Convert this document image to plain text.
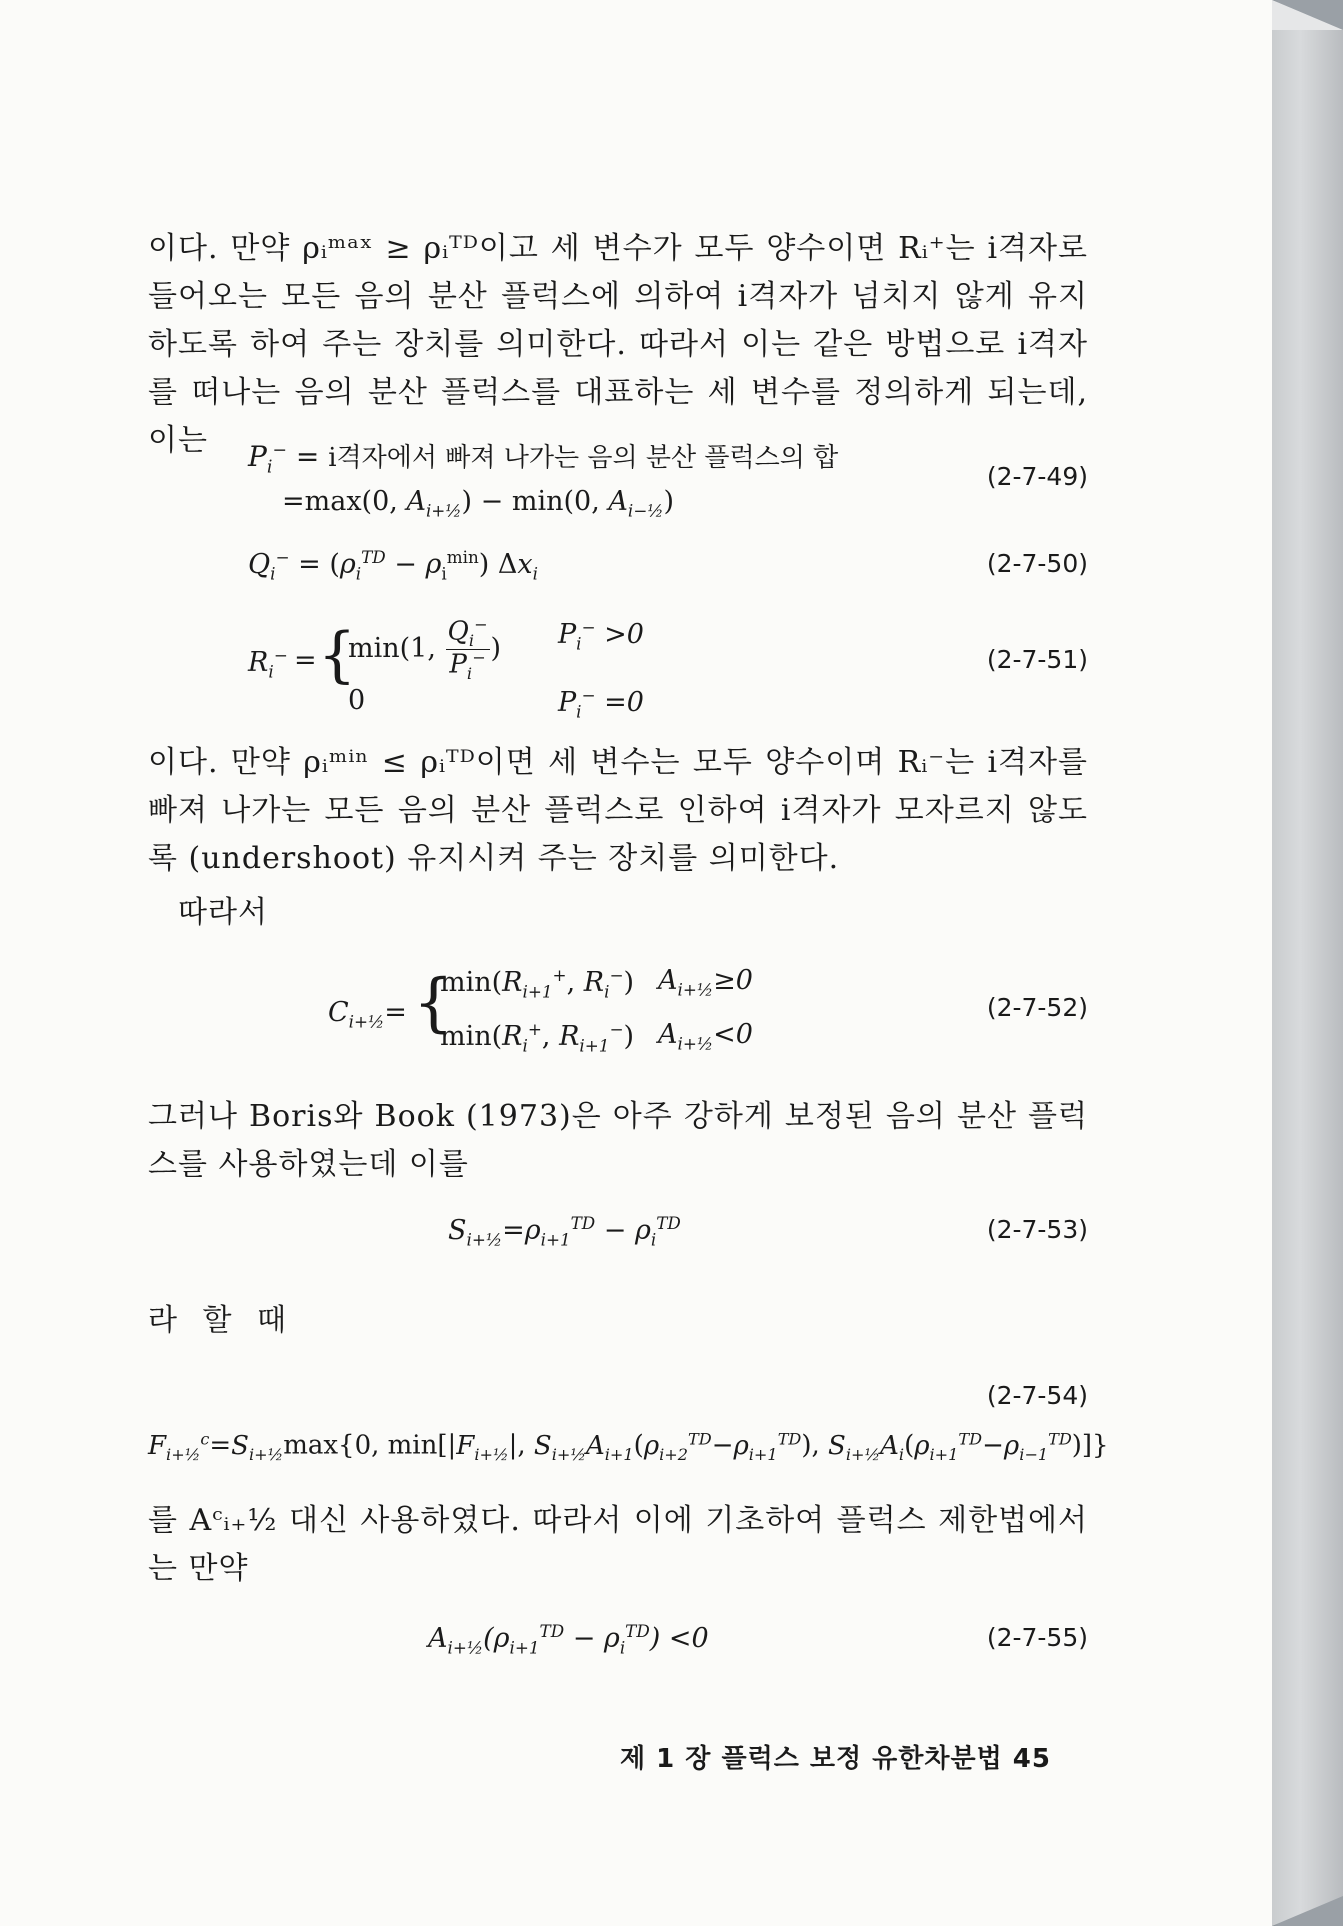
이다. 만약 ρᵢᵐᵃˣ ≥ ρᵢᵀᴰ이고 세 변수가 모두 양수이면 Rᵢ⁺는 i격자로 들어오는 모든 음의 분산 플럭스에 의하여 i격자가 넘치지 않게 유지하도록 하여 주는 장치를 의미한다. 따라서 이는 같은 방법으로 i격자를 떠나는 음의 분산 플럭스를 대표하는 세 변수를 정의하게 되는데, 이는	$P_i^- = i$격자에서 빠져 나가는 음의 분산 플럭스의 합
=max(0, $A_{i+\frac{1}{2}}) - \min(0$, $A_{i-\frac{1}{2}}$)
(2-7-49)
$Q_i^- = (\rho_i^{TD} - \rho_i^{min})$ $\Delta x_i$	(2-7-50)
$R_i^-$ = {
min(1, $\frac{Q_i^-}{P_i^-}$ )
0
$P_i^- >0$
$P_i^- =0$
(2-7-51)

이다. 만약 ρᵢᵐⁱⁿ ≤ ρᵢᵀᴰ이면 세 변수는 모두 양수이며 Rᵢ⁻는 i격자를 빠져 나가는 모든 음의 분산 플럭스로 인하여 i격자가 모자르지 않도록 (undershoot) 유지시켜 주는 장치를 의미한다.

따라서

$C_{i+\frac{1}{2}}=$ {
$\min(R_{i+1}^+$, $R_i^-$)
$\min(R_i^+$, $R_{i+1}^-$)
$A_{i+\frac{1}{2}}\ge 0$
$A_{i+\frac{1}{2}}<0$
(2-7-52)

그러나 Boris와 Book (1973)은 아주 강하게 보정된 음의 분산 플럭스를 사용하였는데 이를

$S_{i+\frac{1}{2}}=\rho_{i+1}^{TD} - \rho_i^{TD}$	(2-7-53)

라 할 때

(2-7-54)
$F_{i+\frac{1}{2}}^c=S_{i+\frac{1}{2}}\max\{0$, $\min[|F_{i+\frac{1}{2}}|$, $S_{i+\frac{1}{2}}A_{i+1}(\rho_{i+2}^{TD}-\rho_{i+1}^{TD})$, $S_{i+\frac{1}{2}}A_i(\rho_{i+1}^{TD}-\rho_{i-1}^{TD})$]}

를 Aᶜᵢ₊½ 대신 사용하였다. 따라서 이에 기초하여 플럭스 제한법에서는 만약

$A_{i+\frac{1}{2}}(\rho_{i+1}^{TD} - \rho_i^{TD}) <0$	(2-7-55)
제 1 장 플럭스 보정 유한차분법 45
